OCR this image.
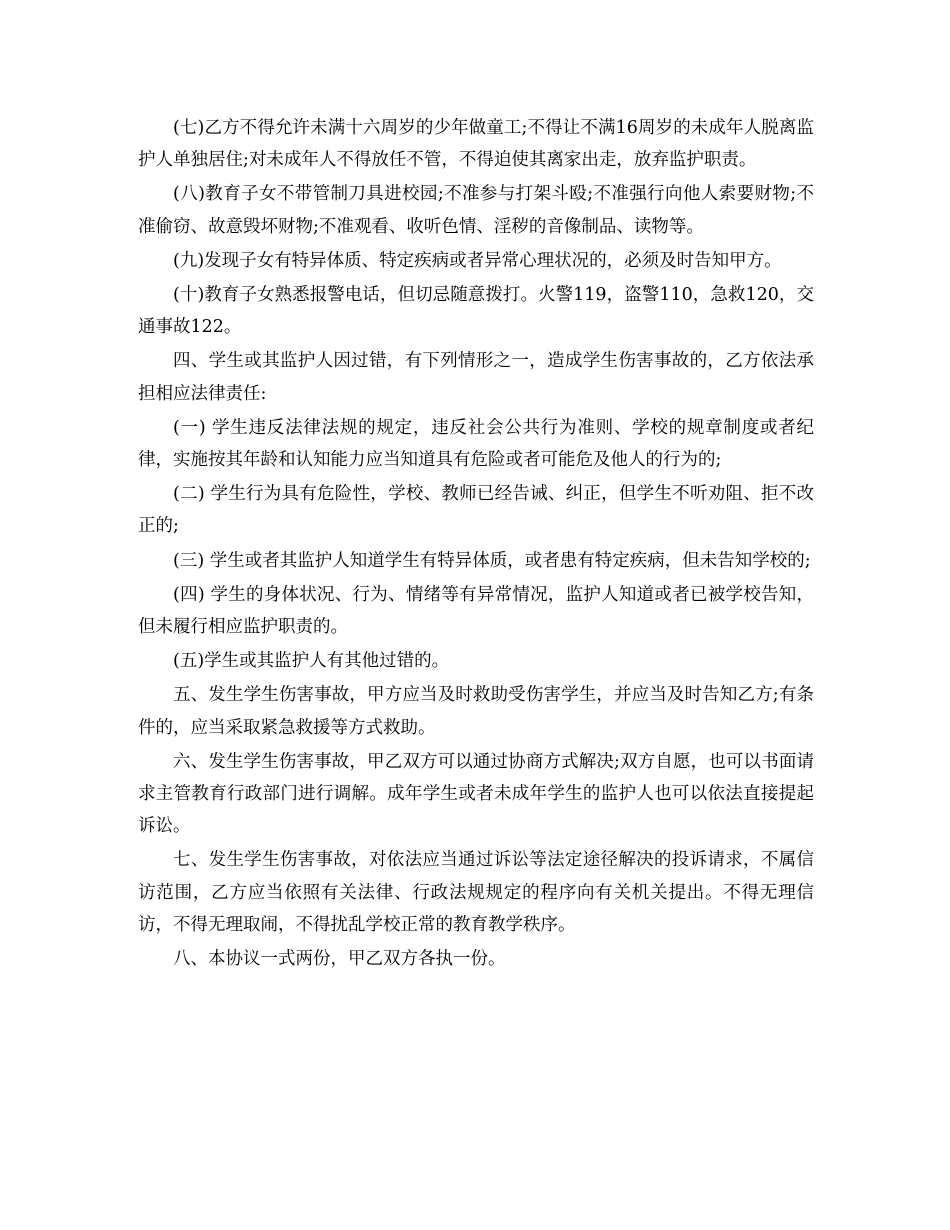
(七)乙方不得允许未满十六周岁的少年做童工;不得让不满16周岁的未成年人脱离监护人单独居住;对未成年人不得放任不管，不得迫使其离家出走，放弃监护职责。

(八)教育子女不带管制刀具进校园;不准参与打架斗殴;不准强行向他人索要财物;不准偷窃、故意毁坏财物;不准观看、收听色情、淫秽的音像制品、读物等。

(九)发现子女有特异体质、特定疾病或者异常心理状况的，必须及时告知甲方。

(十)教育子女熟悉报警电话，但切忌随意拨打。火警119，盗警110，急救120，交通事故122。

四、学生或其监护人因过错，有下列情形之一，造成学生伤害事故的，乙方依法承担相应法律责任:

(一) 学生违反法律法规的规定，违反社会公共行为准则、学校的规章制度或者纪律，实施按其年龄和认知能力应当知道具有危险或者可能危及他人的行为的;

(二) 学生行为具有危险性，学校、教师已经告诫、纠正，但学生不听劝阻、拒不改正的;

(三) 学生或者其监护人知道学生有特异体质，或者患有特定疾病，但未告知学校的;

(四) 学生的身体状况、行为、情绪等有异常情况，监护人知道或者已被学校告知，但未履行相应监护职责的。

(五)学生或其监护人有其他过错的。

五、发生学生伤害事故，甲方应当及时救助受伤害学生，并应当及时告知乙方;有条件的，应当采取紧急救援等方式救助。

六、发生学生伤害事故，甲乙双方可以通过协商方式解决;双方自愿，也可以书面请求主管教育行政部门进行调解。成年学生或者未成年学生的监护人也可以依法直接提起诉讼。

七、发生学生伤害事故，对依法应当通过诉讼等法定途径解决的投诉请求，不属信访范围，乙方应当依照有关法律、行政法规规定的程序向有关机关提出。不得无理信访，不得无理取闹，不得扰乱学校正常的教育教学秩序。

八、本协议一式两份，甲乙双方各执一份。
